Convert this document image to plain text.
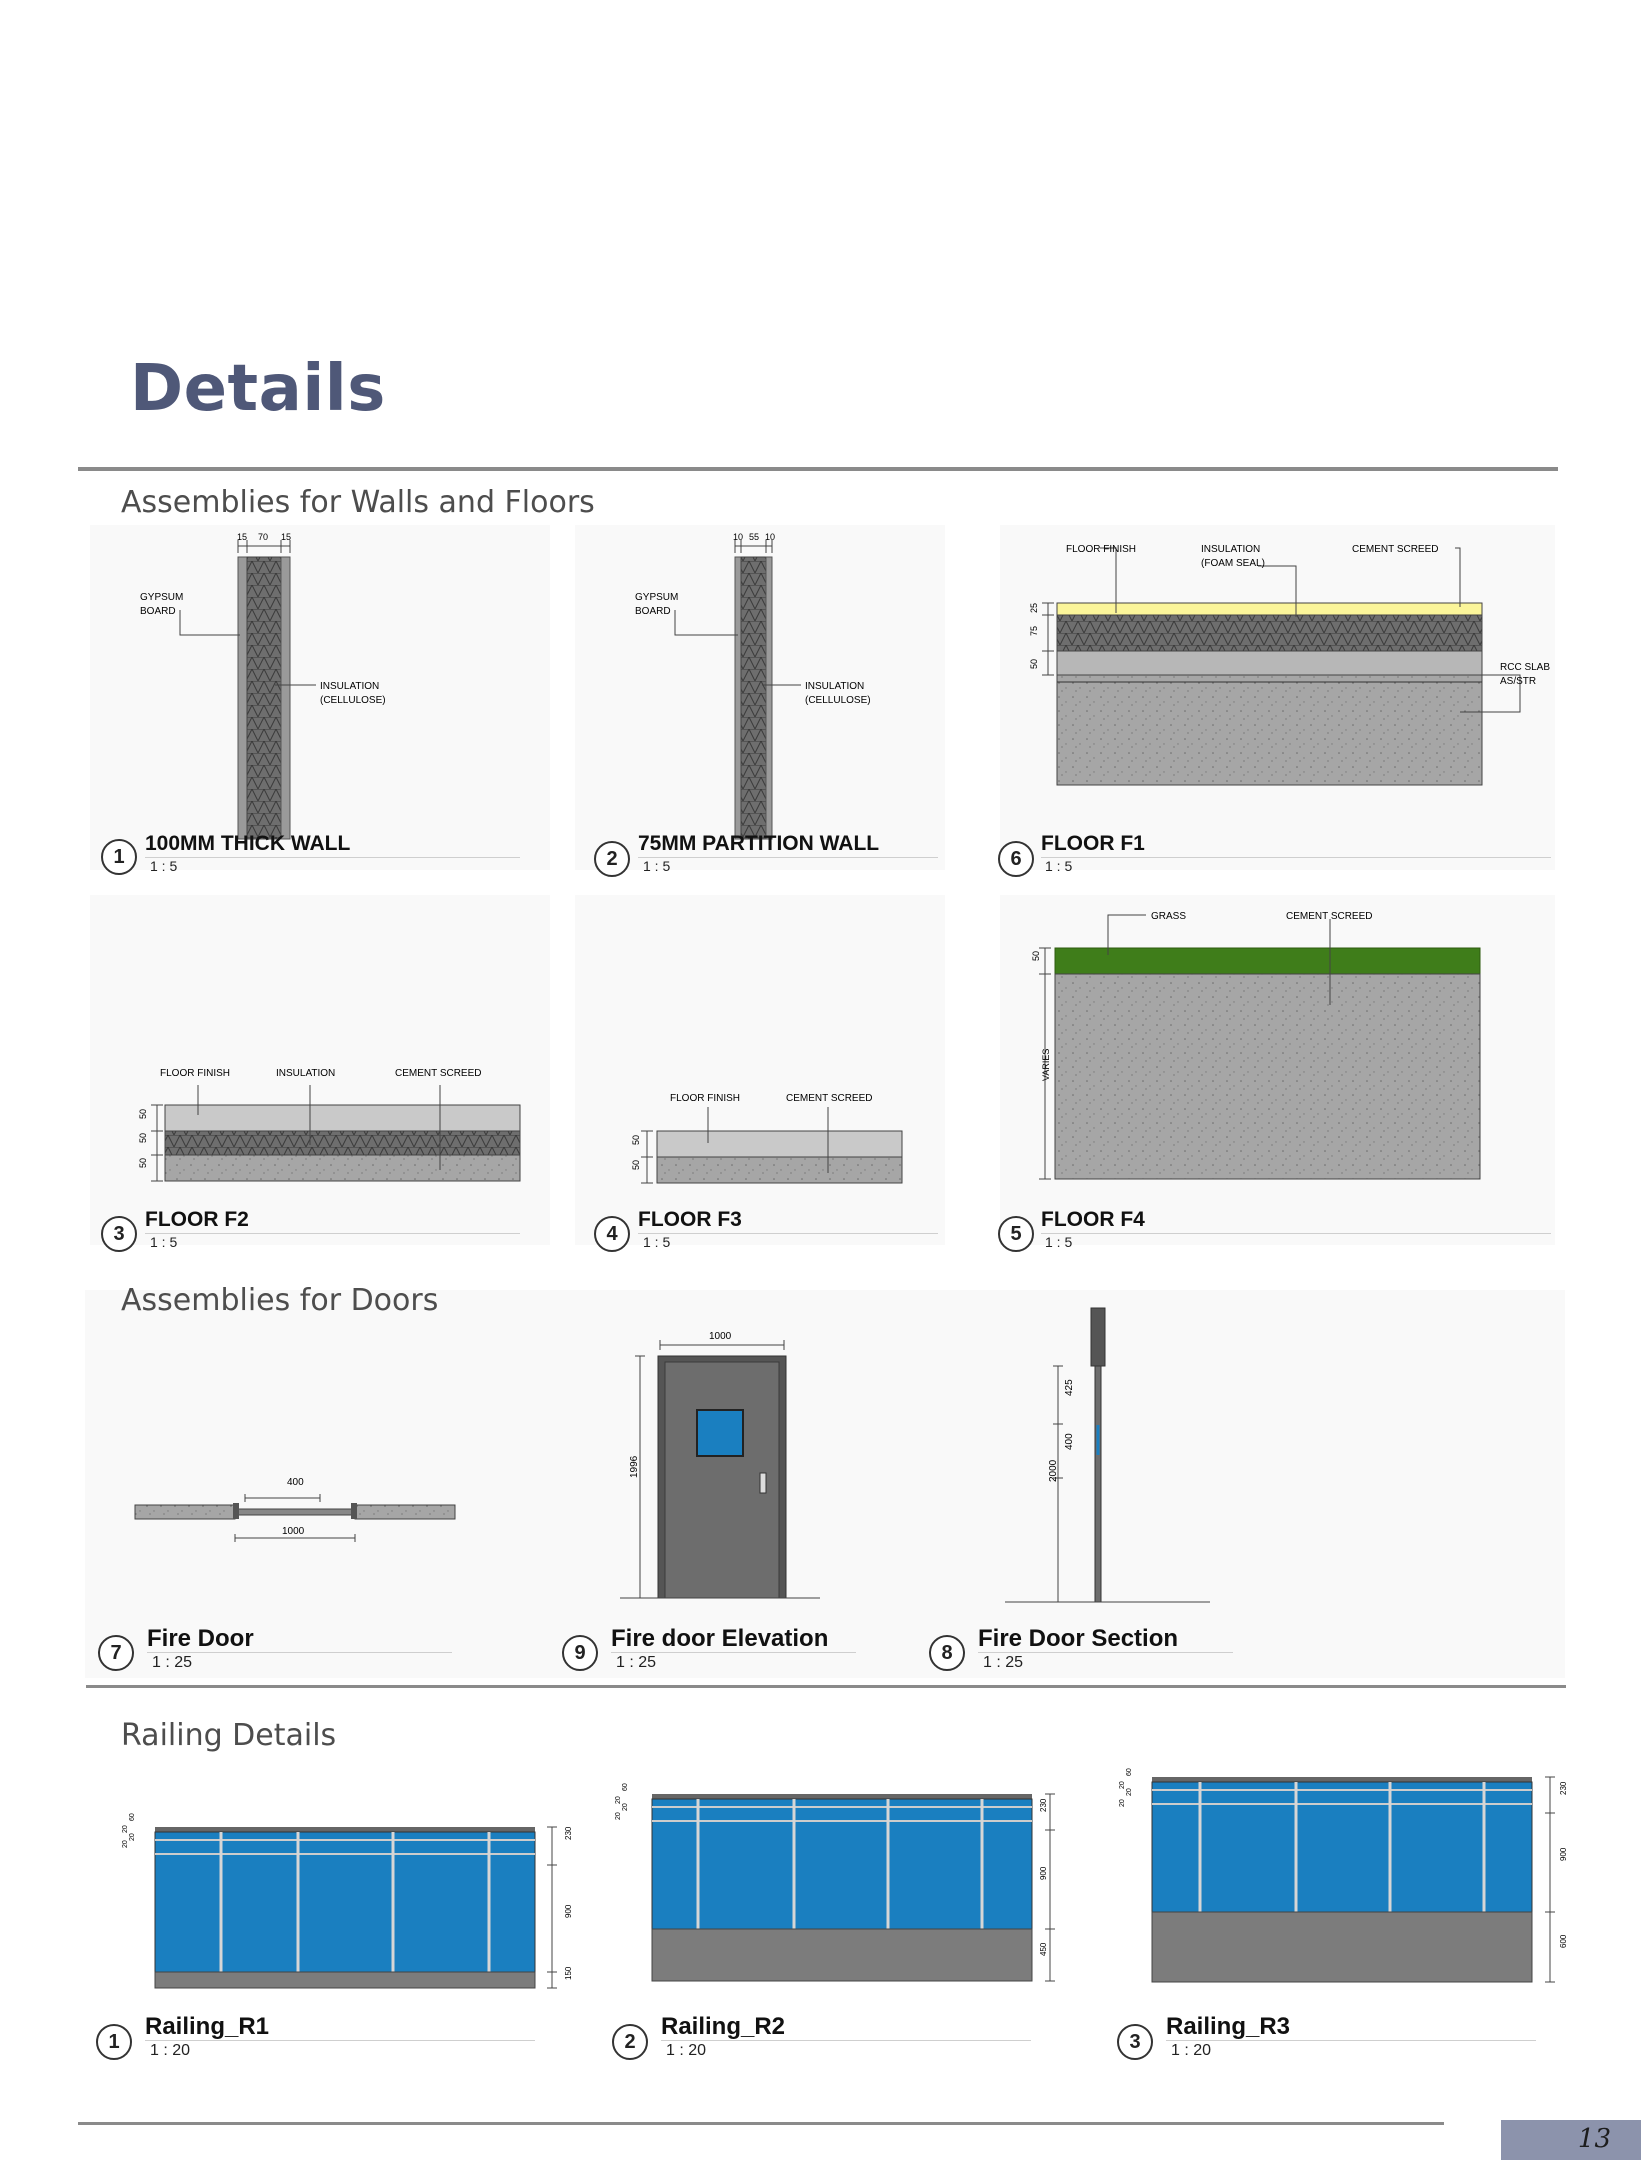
Details
Assemblies for Walls and Floors
15 70 15
GYPSUM
BOARD
INSULATION
(CELLULOSE)
1
100MM THICK WALL
1 : 5
10 55 10
GYPSUM
BOARD
INSULATION
(CELLULOSE)
2
75MM PARTITION WALL
1 : 5
25
75
50
FLOOR FINISH	INSULATION
(FOAM SEAL)
CEMENT SCREED
RCC SLAB
AS/STR
6
FLOOR F1
1 : 5
50
50
50
FLOOR FINISH	INSULATION	CEMENT SCREED
3
FLOOR F2
1 : 5
50
50
FLOOR FINISH	CEMENT SCREED
4
FLOOR F3
1 : 5
50
VARIES
GRASS	CEMENT SCREED
5
FLOOR F4
1 : 5
Assemblies for Doors
400
1000
7
Fire Door
1 : 25
1000
1996
9
Fire door Elevation
1 : 25
425
400
2000
8
Fire Door Section
1 : 25
Railing Details
60
20
20
20
230
900
150
1
Railing_R1
1 : 20
60
20
20
20
230
900
450
2
Railing_R2
1 : 20
60
20
20
20
230
900
600
3
Railing_R3
1 : 20
13
